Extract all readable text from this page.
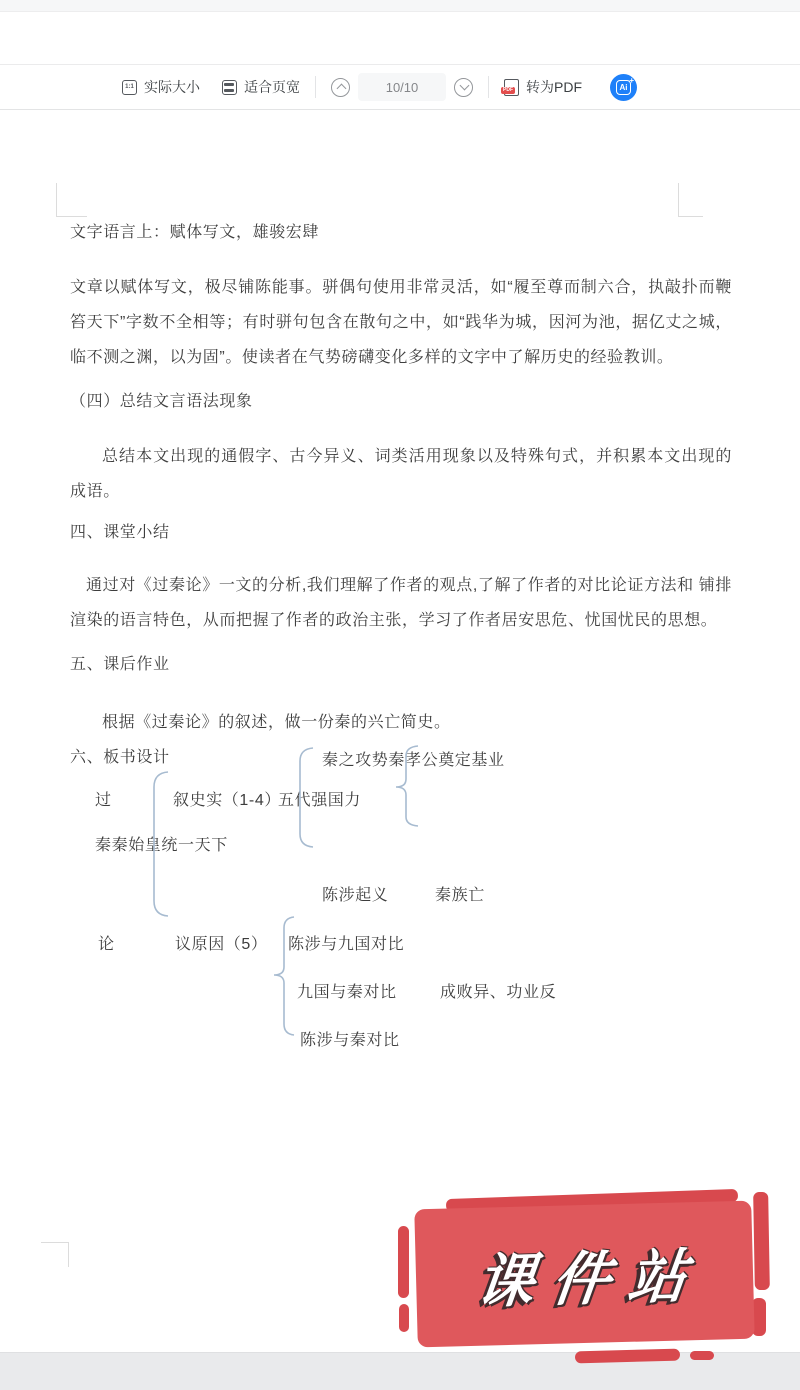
1:1 实际大小	适合页宽	10/10	PDF 转为PDF	Ai
+
文字语言上：赋体写文，雄骏宏肆
文章以赋体写文，极尽铺陈能事。骈偶句使用非常灵活，如“履至尊而制六合，执敲扑而鞭笞天下”字数不全相等；有时骈句包含在散句之中，如“践华为城，因河为池，据亿丈之城，临不测之渊，以为固”。使读者在气势磅礴变化多样的文字中了解历史的经验教训。
（四）总结文言语法现象
总结本文出现的通假字、古今异义、词类活用现象以及特殊句式，并积累本文出现的成语。
四、课堂小结
通过对《过秦论》一文的分析,我们理解了作者的观点,了解了作者的对比论证方法和 铺排渲染的语言特色，从而把握了作者的政治主张，学习了作者居安思危、忧国忧民的思想。
五、课后作业
根据《过秦论》的叙述，做一份秦的兴亡简史。
六、板书设计	秦之攻势秦孝公奠定基业
过	叙史实（1-4）
五代强国力
秦秦始皇统一天下
陈涉起义	秦族亡
论	议原因（5） 陈涉与九国对比
九国与秦对比	成败异、功业反
陈涉与秦对比
课件站
